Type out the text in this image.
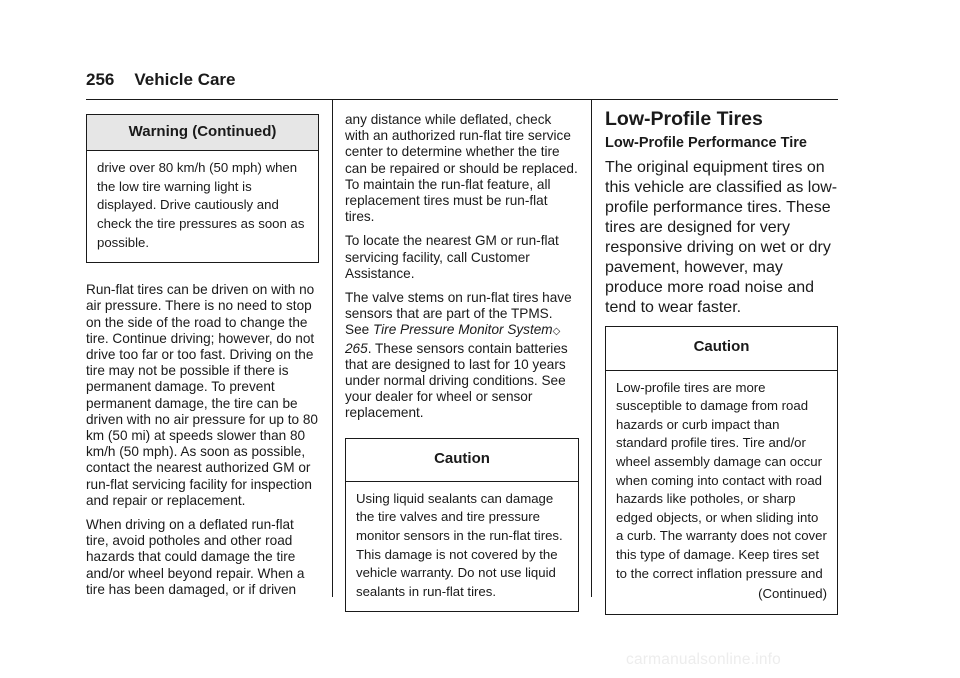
256 Vehicle Care
Warning (Continued)

drive over 80 km/h (50 mph) when the low tire warning light is displayed. Drive cautiously and check the tire pressures as soon as possible.

Run-flat tires can be driven on with no air pressure. There is no need to stop on the side of the road to change the tire. Continue driving; however, do not drive too far or too fast. Driving on the tire may not be possible if there is permanent damage. To prevent permanent damage, the tire can be driven with no air pressure for up to 80 km (50 mi) at speeds slower than 80 km/h (50 mph). As soon as possible, contact the nearest authorized GM or run-flat servicing facility for inspection and repair or replacement.

When driving on a deflated run-flat tire, avoid potholes and other road hazards that could damage the tire and/or wheel beyond repair. When a tire has been damaged, or if driven

any distance while deflated, check with an authorized run-flat tire service center to determine whether the tire can be repaired or should be replaced. To maintain the run-flat feature, all replacement tires must be run-flat tires.

To locate the nearest GM or run-flat servicing facility, call Customer Assistance.

The valve stems on run-flat tires have sensors that are part of the TPMS. See Tire Pressure Monitor System◇ 265. These sensors contain batteries that are designed to last for 10 years under normal driving conditions. See your dealer for wheel or sensor replacement.

Caution

Using liquid sealants can damage the tire valves and tire pressure monitor sensors in the run-flat tires. This damage is not covered by the vehicle warranty. Do not use liquid sealants in run-flat tires.

Low-Profile Tires
Low-Profile Performance Tire

The original equipment tires on this vehicle are classified as low-profile performance tires. These tires are designed for very responsive driving on wet or dry pavement, however, may produce more road noise and tend to wear faster.

Caution

Low-profile tires are more susceptible to damage from road hazards or curb impact than standard profile tires. Tire and/or wheel assembly damage can occur when coming into contact with road hazards like potholes, or sharp edged objects, or when sliding into a curb. The warranty does not cover this type of damage. Keep tires set to the correct inflation pressure and

(Continued)
carmanualsonline.info
